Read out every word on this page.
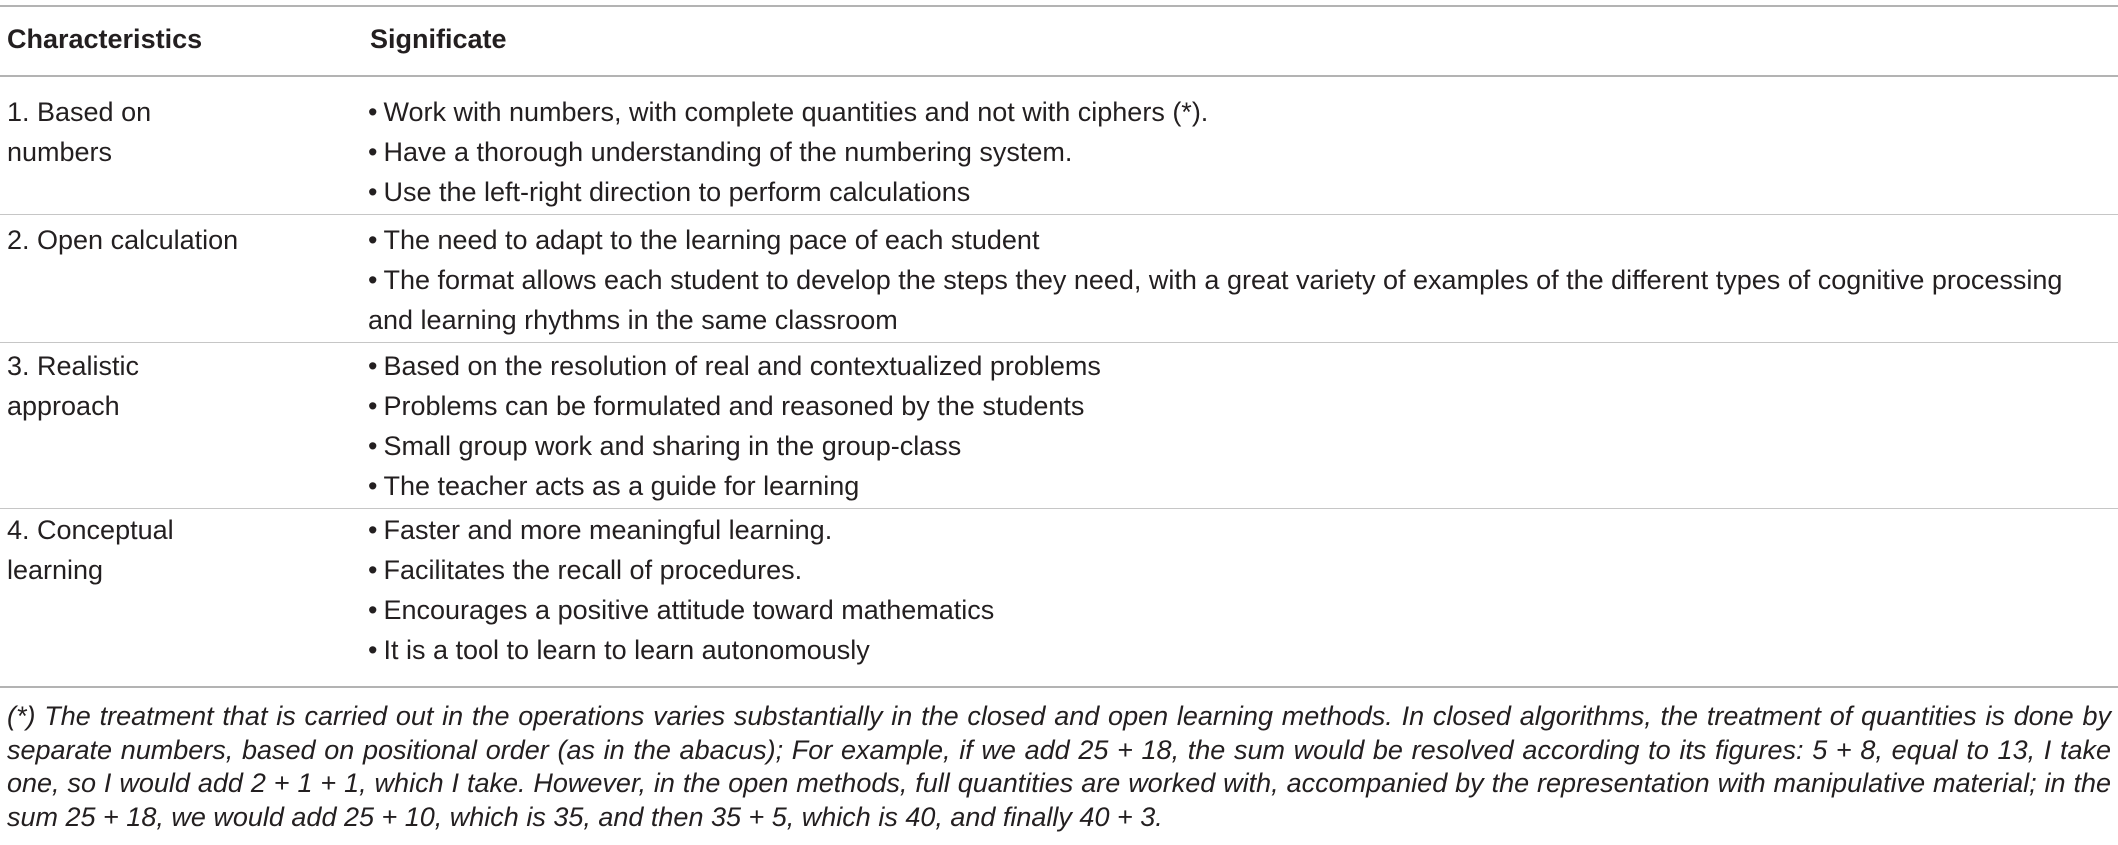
Characteristics	Significate
1. Based on
numbers
• Work with numbers, with complete quantities and not with ciphers (*).
• Have a thorough understanding of the numbering system.
• Use the left-right direction to perform calculations
2. Open calculation	• The need to adapt to the learning pace of each student
• The format allows each student to develop the steps they need, with a great variety of examples of the different types of cognitive processing and learning rhythms in the same classroom
3. Realistic
approach
• Based on the resolution of real and contextualized problems
• Problems can be formulated and reasoned by the students
• Small group work and sharing in the group-class
• The teacher acts as a guide for learning
4. Conceptual
learning
• Faster and more meaningful learning.
• Facilitates the recall of procedures.
• Encourages a positive attitude toward mathematics
• It is a tool to learn to learn autonomously
(*) The treatment that is carried out in the operations varies substantially in the closed and open learning methods. In closed algorithms, the treatment of quantities is done by separate numbers, based on positional order (as in the abacus); For example, if we add 25 + 18, the sum would be resolved according to its figures: 5 + 8, equal to 13, I take one, so I would add 2 + 1 + 1, which I take. However, in the open methods, full quantities are worked with, accompanied by the representation with manipulative material; in the sum 25 + 18, we would add 25 + 10, which is 35, and then 35 + 5, which is 40, and finally 40 + 3.
